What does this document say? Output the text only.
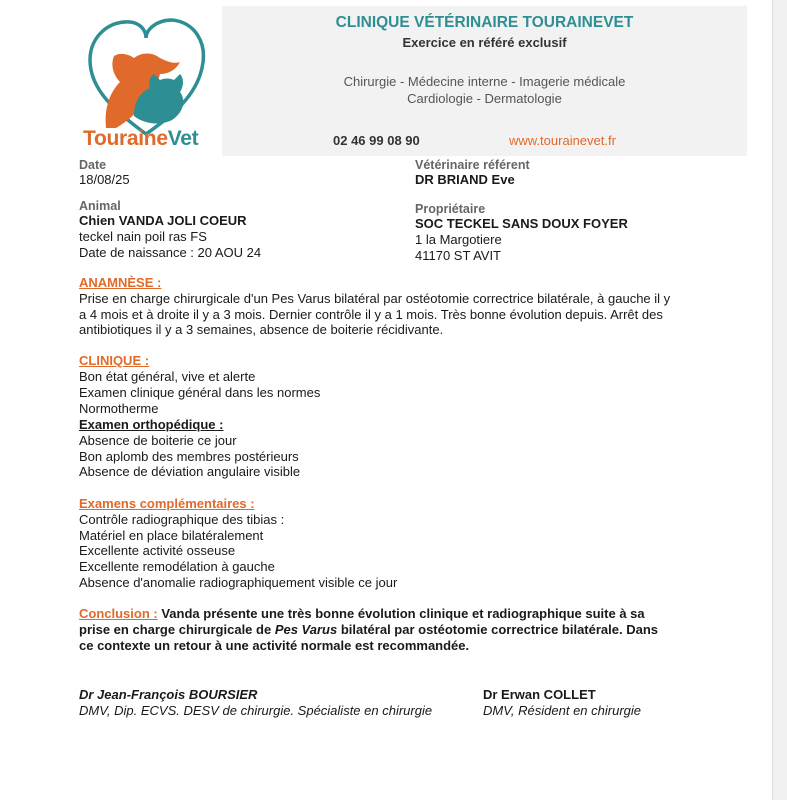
TouraineVet
CLINIQUE VÉTÉRINAIRE TOURAINEVET
Exercice en référé exclusif
Chirurgie - Médecine interne - Imagerie médicale
Cardiologie - Dermatologie
02 46 99 08 90	www.tourainevet.fr
Date
18/08/25
Vétérinaire référent
DR BRIAND Eve
Animal
Chien VANDA JOLI COEUR
teckel nain poil ras FS
Date de naissance : 20 AOU 24
Propriétaire
SOC TECKEL SANS DOUX FOYER
1 la Margotiere
41170 ST AVIT
ANAMNÈSE :
Prise en charge chirurgicale d'un Pes Varus bilatéral par ostéotomie correctrice bilatérale, à gauche il y
a 4 mois et à droite il y a 3 mois. Dernier contrôle il y a 1 mois. Très bonne évolution depuis. Arrêt des
antibiotiques il y a 3 semaines, absence de boiterie récidivante.
CLINIQUE :
Bon état général, vive et alerte
Examen clinique général dans les normes
Normotherme
Examen orthopédique :
Absence de boiterie ce jour
Bon aplomb des membres postérieurs
Absence de déviation angulaire visible
Examens complémentaires :
Contrôle radiographique des tibias :
Matériel en place bilatéralement
Excellente activité osseuse
Excellente remodélation à gauche
Absence d'anomalie radiographiquement visible ce jour
Conclusion : Vanda présente une très bonne évolution clinique et radiographique suite à sa
prise en charge chirurgicale de Pes Varus bilatéral par ostéotomie correctrice bilatérale. Dans
ce contexte un retour à une activité normale est recommandée.
Dr Jean-François BOURSIER
DMV, Dip. ECVS. DESV de chirurgie. Spécialiste en chirurgie
Dr Erwan COLLET
DMV, Résident en chirurgie
